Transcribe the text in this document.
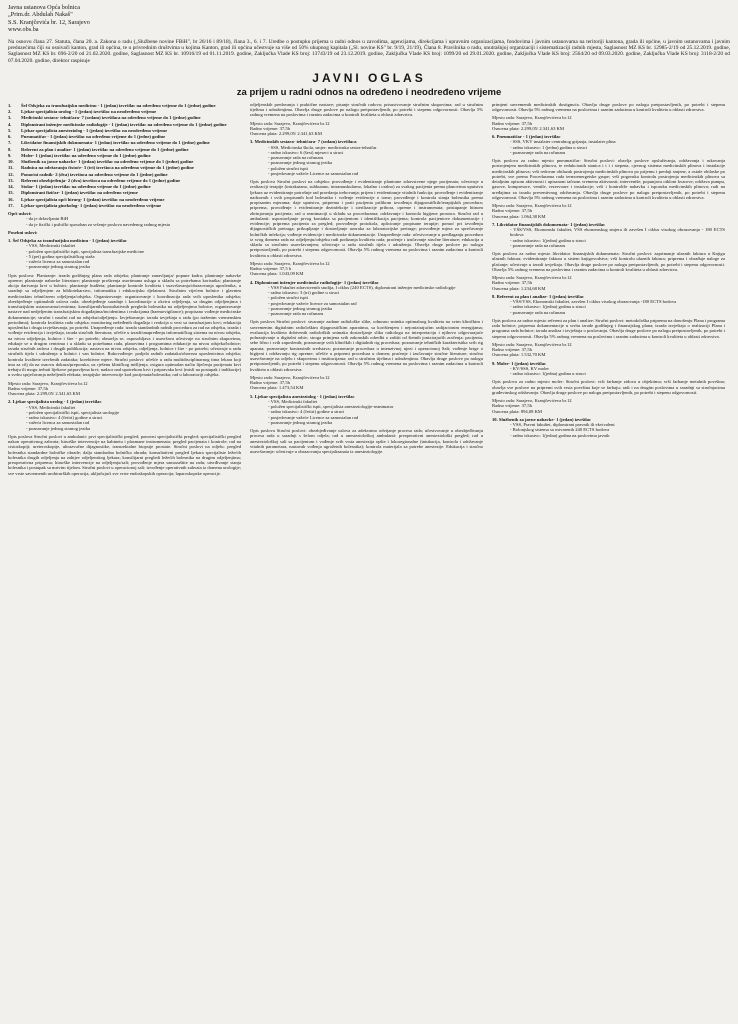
Javna ustanova Opća bolnica
„Prim.dr. Abdulah Nakaš"
S.S. Kranjčevića br. 12, Sarajevo
www.obs.ba
Na osnovu člana 27. Statuta, člana 20. a. Zakona o radu („Službene novine FBiH", br 26/16 i 89/18), člana 3., 6. i 7. Uredbe o postupku prijema u radni odnos u zavodima, agencijama, direkcijama i upravnim organizacijama, fondovima i javnim ustanovama na teritoriji kantona, grada ili općine, u javnim ustanovama i javnim preduzećima čiji su osnivači kanton, grad ili općina, te u privrednim društvima u kojima Kanton, grad ili općina učestvuje sa više od 50% ukupnog kapitala („Sl. novine KS" br. 9/19, 21/19), Člana 8. Pravilnika o radu, unutrašnjoj organizaciji i sistematizaciji radnih mjesta, Saglasnost MZ KS br. 12985-2/19 od 25.12.2019. godine, Saglasnost MZ KS br. 696-2/20 od 21.02.2020. godine, Saglasnost MZ KS br. 10916/19 od 01.11.2019. godine, Zaključka Vlade KS broj: 13743/19 od 23.12.2019. godine, Zaključka Vlade KS broj: 1099/20 od 29.01.2020. godine, Zaključka Vlade KS broj: 2564/20 od 09.03.2020. godine, Zaključka Vlade KS broj: 3118-2/20 od 07.04.2020. godine, direktor raspisuje
JAVNI OGLAS
za prijem u radni odnos na određeno i neodređeno vrijeme
1.	Šef Odsjeka za transfuzijsku medicinu - 1 (jedan) izvršilac na određeno vrijeme do 1 (jedne) godine
2.	Ljekar specijalista urolog - 1 (jedan) izvršilac na neodređeno vrijeme
3.	Medicinski sestara- tehničara- 7 (sedam) izvršilaca na određeno vrijeme do 1 (jedne) godine
4.	Diplomirani inženjer medicinske radiologije - 1 (jedan) izvršilac na određeno vrijeme do 1 (jedne) godine
5.	Ljekar specijalista anesteziolog - 1 (jedan) izvršilac na neodređeno vrijeme
6.	Pneumatičar - 1 (jedan) izvršilac na određeno vrijeme do 1 (jedne) godine
7.	Likvidator finansijskih dokumenata- 1 (jedan) izvršilac na određeno vrijeme do 1 (jedne) godine
8.	Referent za plan i analize- 1 (jedan) izvršilac na određeno vrijeme do 1 (jedne) godine
9.	Moler- 1 (jedan) izvršilac na određeno vrijeme do 1 (jedne) godine
10.	Službenik za javne nabavke- 1 (jedan) izvršilac na određeno vrijeme do 1 (jedne) godine
11.	Radnica na održavanju čistoće- 3 (tri) izvršioca na određeno vrijeme do 1 (jedne) godine
12.	Pomoćni radnik- 2 (dva) izvršioca na određeno vrijeme do 1 (jedne) godine
13.	Referent obezbjeđenja- 2 (dva) izvršioca na određeno vrijeme do 1 (jedne) godine
14.	Stolar- 1 (jedan) izvršilac na određeno vrijeme do 1 (jedne) godine
15.	Diplomirani fizičar- 1 (jedan) izvršilac na određeno vrijeme
16.	Ljekar specijalista opći hirurg- 1 (jedan) izvršilac na neodređeno vrijeme
17.	Ljekar specijalista ginekolog- 1 (jedan) izvršilac na neodređeno vrijeme
Opći uslovi:
- da je državljanin BiH
- da je fizički i psihički sposoban za vršenje poslova navedenog radnog mjesta
Posebni uslovi:
1. Šef Odsjeka za transfuzijsku medicinu - 1 (jedan) izvršilac
- VSS, Medicinski fakultet
- položen specijalistički ispit, specijalista transfuzijske medicine
- 5 (pet) godina specijalističkog staža
- važeća licenca za samostalan rad
- poznavanje jednog stranog jezika
Opis poslova: Planiranje: izrada godišnjeg plana rada odsjeka; planiranje zanavljanja/ popune kadra; planiranje nabavke opreme; planiranje nabavke literature; planiranje proširenja asortimana usluga u skladu sa potrebama korisnika; planiranje akcija darivanja krvi u bolnici; planiranje budžeta; planiranje kontrole kvaliteta i usavršavanja/obrazovanja uposlenika, u saradnji sa odjeljenjem za bibliotekarstvo, informatiku i edukacijsku djelatnost. Stručnim vijećem bolnice i glavnim medicinskim tehničarem odjeljenja/odsjeka. Organizovanje: organizovanje i koordinacija rada svih uposlenika odsjeka; obezbjeđenje optimalnih uslova rada; obezbjeđenje saradnje i koordinacije u okviru odjeljenja, sa drugim odjeljenjima i transfuzijskim ustanovama/centrima; konsilijarnih/konsultativnih pregleda bolesnika na odjeljenjima bolnice; organizovanje nastave nad nedjeljenim transfuzijskim događajima/incidentima i reakcijama (haemovigilance); propisano vođenje medicinske dokumentacije; stručni i naučni rad na odsjeku/odjeljenju. Izvještavanje: izrada izvještaja o radu (po traženim vremenskim periodima); kontrola kvaliteta rada odsjeka; monitoring nežeđenih događaja i reakcija u vezi sa transfuzijom krvi; edukacija uposlenika i druga izvještavanja, po potrebi. Unapređenje rada: izrada standardnih radnih procedura za rad na odsjeku, izrada i vođenje evidencija i izvještaja, izrada stručnih literatura; učešće u izradi/unapređenju informatičkog sistema na nivou odsjeka, na nivou odjeljenja, bolnice i šire - po potrebi; obnavlja se, osposobljava i usavršava učestvuje na stručnim skupovima, edukuje se u drugim centrima i u skladu sa potrebama rada, planovima i programima edukacije na nivou odsjeka/bolnice; izrada stručnih radova i drugih publikacija; nastava na nivou odsjeka, odjeljenja, bolnice i šire - po potrebi; učestvuje u radu stručnih tijela i udruženja u bolnici i van bolnice. Rukovođenje: podjela radnih zadataka/obaveza uposlenicima odsjeka; kontrola kvalitete izvršenih zadataka; korektivne mjere. Stručni poslovi: učešće u radu multidisciplinarnog tima lekara koji ima za cilj da na osnovu dokaza/preporuka, uz rješenu kliničkog mišljenja, osigura optimalan način liječenja pacijenata krvi trebaju ili mogu trebati lijekove pripravljena krvi; nadzor nad upotrebom krvi i pripravaka krvi (misli na postupak i indikacije) u svrhu sprječavanja neželjenih efekata; terapijske intervencije kod pacijenata/bolesnika; rad u laboratoriji odsjeka.
Mjesto rada: Sarajevo, Kranjčevićeva br.12
Radno vrijeme: 37,5h
Osnovna plata: 2.299,05/ 2.341,63 KM
2. Ljekar specijalista urolog - 1 (jedan) izvršilac
- VSS, Medicinski fakultet
- položen specijalistički ispit, specijalista urologije
- radno iskustvo: 4 (četiri) godine u struci
- važeća licenca za samostalan rad
- poznavanje jednog stranog jezika
Opis poslova Stručni poslovi u ambulanti: prvi specijalistički pregled; ponovni specijalistički pregled; specijalistički pregled nakon operativnog zahvata; hirurške intervencije na kabinetu i plasmane instrumenata; pregled pacijenata i kontrole; rad na cistoskopiji; ureteroskopije, ultrazvučne dijagnostike, transrektalne biopsije prostate. Stručni poslovi na odjelu: pregled bolesnika standardne bolničke obrade; dalja standardna bolnička obrada; konsultativni pregled ljekara specijaliste ležećih bolesnika drugih odjeljenja na zahtjev odjeljenskog ljekara; konsilijarni pregledi ležećih bolesnika na drugim odjeljenjima; preoperativna priprema; hirurške intervencije na odjeljenju/sali; provođenje mjera samozaštite na radu; utvrđivanje stanja bolesnika i postupak sa mrtvim tijelom. Stručni poslovi u operacionoj sali: izvođenje operativnih zahvata iz domena urologije; sve vrste savremenih urohirurških operacija, uključujući sve vrste endoskopskih operacija; laparoskopske operacije.
odjeljenskih predavanja i praktične nastave; pisanje stručnih radova; prisustvovanje stručnim skupovima; rad u stručnim tijelima i udruženjima. Obavlja druge poslove po nalogu pretpostavljenih, po potrebi i stepenu odgovornosti. Obavlja 5% radnog vremena na poslovima i raznim zadacima u kontroli kvaliteta u oblasti zdravstva.
Mjesto rada: Sarajevo, Kranjčevićeva br.12
Radno vrijeme: 37,5h
Osnovna plata: 2.299,05/ 2.341,63 KM
3. Medicinskih sestara- tehničara- 7 (sedam) izvršilaca
- SSS, Medicinska škola, smjer: medicinska sestra-tehničar
- radno iskustvo: 6 (šest) mjeseci u struci
- poznavanje rada na računaru
- poznavanje jednog stranog jezika
- položen stručni ispit
- posjedovanje važeće Licence za samostalan rad
Opis poslova Stručni poslovi na odsjeku: provođenje i evidentiranje planirane zdravstvene njege pacijenata; učestvuje u realizaciji terapije (intrakutano, subkutano, intramuskularno, lokalno i oralno) za svakog pacijenta prema planovima uputstvu ljekara uz evidentiranje potrošnje rad pravdanja trebovanja; prijem i evidentiranje vitalnih funkcija; provođenje i evidentiranje nadzornih i svih propisanih kod bolesnika i vođenje evidencije o tome; provođenje i kontrola stanja bolesnika prema propisanim mjerama; daje uputstva, priprema i prati pacijenta prilikom izvođenja dijagnostičkih/terapijskih procedura; priprema, provođenje i evidentiranje dezinfekcije i sterilizacije pribora, opreme i instrumenata; pristupanje hitnom zbrinjavanju pacijenta; rad u reanimaciji u skladu sa procedurama; održavanje i kontrola higijene prostora. Stručni rad u ambulanti: uspostavljanje prvog kontakta sa pacijentom i identifikacija pacijenta; kontrola pacijentove dokumentacije i evidencije; priprema pacijenta za pregled; provođenje protokola, apliciranje propisane terapije; pomoć pri izvođenju dijagnostičkih pretraga; prikupljanje i dostavljanje uzoraka za laboratorijske pretrage; provođenje mjera za sprečavanje bolničkih infekcija; vođenje evidencije i medicinske dokumentacije. Unapređenje rada: učestvovanje u predlaganju procedura iz svog domena rada na odjeljenju/odsjeku radi podizanja kvaliteta rada; praćenje i izučavanje stručne literature; edukacija u skladu sa stručnim usavršavanjem; učestvuje u radu stručnih tijela i udruženja. Obavlja druge poslove po nalogu pretpostavljenih, po potrebi i stepenu odgovornosti. Obavlja 5% radnog vremena na poslovima i raznim zadacima u kontroli kvaliteta u oblasti zdravstva.
Mjesto rada: Sarajevo, Kranjčevićeva br.12
Radno vrijeme: 37,5 h
Osnovna plata: 1.043,09 KM
4. Diplomirani inženjer medicinske radiologije- 1 (jedan) izvršilac
- VSS Fakultet zdravstvenih studija, I ciklus (240 ECTS), diplomirani inženjer medicinske radiologije
- radno iskustvo: 3 (tri) godine u struci
- položen stručni ispit
- posjedovanje važeće licence za samostalan rad
- poznavanje jednog stranog jezika
- poznavanje rada na računaru
Opis poslova Stručni poslovi: stvaranje zadane radiološke slike, odnosno snimka optimalnog kvaliteta na svim kliničkim i savremenim digitalnim radiološkim dijagnostičkim aparatima, sa korištenjem i nejonizirajućim radijacionim energijama; evaluacija kvaliteta dobivenih radioloških snimaka dostavljanje slika radiologu na interpretaciju i njihovo odgovarajuće pohranjivanje u digitalni arhiv; stroga primjena svih zakonskih odredbi o zaštiti od štetnih jonizirajućih zračenja; pacijenta, sebe lično i svih zaposlenih; poznavanje svih kliničkih i digitalnih rtg procedura; poznavanje tehničkih karakteristika svih rtg aparata; poznavanje kontrastnih sredstava; poznavanje procedura u intenzivnoj njezi i operacionoj Sali; vođenje brige o higijeni i održavanju rtg opreme; učešće u pripremi procedura u domen; praćenje i izučavanje stručne literature; stručno usavršavanje na odjelu i skupovima i institucijama; rad u stručnim tijelima i udruženjima. Obavlja druge poslove po nalogu pretpostavljenih, po potrebi i stepenu odgovornosti. Obavlja 5% radnog vremena na poslovima i raznim zadacima u kontroli kvaliteta u oblasti zdravstva.
Mjesto rada: Sarajevo, Kranjčevićeva br.12
Radno vrijeme: 37,5h
Osnovna plata: 1.473,54 KM
5. Ljekar specijalista anesteziolog - 1 (jedan) izvršilac
- VSS, Medicinski fakultet
- položen specijalistički ispit, specijalista anesteziologije-reanimator
- radno iskustvo: 4 (četiri) godine u struci
- posjedovanje važeće Licence za samostalan rad
- poznavanje jednog stranog jezika
Opis poslova Stručni poslovi: obezbjeđivanje uslova za adekvatno odvijanje procesa rada; učestvovanje u obezbjeđivanju procesa rada u saradnji s šefom odjela; rad u anesteziološkoj ambulanti: preoperativni anesteziološki pregled; rad u anesteziološkoj sali sa pacijentom i vođenje svih vrsta anestezija opšte i lokoregionalne (intubacija, kontrola i održavanje vitalnih parametara, nastavak vođenja ugroženih bolesnika); kontrola materijala za potrebe anestezije. Edukacija i stručno usavršavanje: učestvuje u obrazovanju specijalizanata iz anesteziologije.
primjeni savremenih medicinskih dostignuća. Obavlja druge poslove po nalogu pretpostavljenih, po potrebi i stepenu odgovornosti. Obavlja 5% radnog vremena na poslovima i raznim zadacima u kontroli kvaliteta u oblasti zdravstva.
Mjesto rada: Sarajevo, Kranjčevićeva br.12
Radno vrijeme: 37,5h
Osnovna plata: 2.299,05/ 2.341,63 KM
6. Pneumatičar - 1 (jedan) izvršilac
- SSS, VKV instalater centralnog grijanja, instalater plina
- radno iskustvo: 1 (jedna) godina u struci
- poznavanje rada na računaru
Opis poslova za radno mjesto pneumatičar: Stručni poslovi: obavlja poslove opsluživanja, održavanja i rukovanja postrojenjem medicinskih plinova, te redukcionih stanica i t i t stepena, cjevnog sistema medicinskih plinova i instalacije medicinskih plinova; vrši redovan obilazak postrojenja medicinskih plinova po prijemu i predaji smjene, a ostale obilaske po potrebi, sve prema Procedurama rada termoenergetske grupe; vrši pogonska kontrolu postrojenja medicinskih plinova sa detaljnim opisom aktivnosti i upisanom tačnom vremenu aktivnosti; interveniše; popunjava otkloni kvarove; održava pumpu, gasove, kompresore, ventile, rezervoare i instalacije; vrši i kontroliše nabavku i isporuku medicinskih plinova; radi na uređajima za izradu preventivnog održavanja. Obavlja druge poslove po nalogu pretpostavljenih, po potrebi i stepenu odgovornosti. Obavlja 5% radnog vremena na poslovima i raznim zadacima u kontroli kvaliteta u oblasti zdravstva.
Mjesto rada: Sarajevo, Kranjčevićeva br.12
Radno vrijeme: 37,5h
Osnovna plata: 1.064,38 KM
7. Likvidator finansijskih dokumenata- 1 (jedan) izvršilac
- VŠS/VSS, Ekonomski fakultet, VŠS ekonomskog smjera ili završen I ciklus visokog obrazovanja - 180 ECTS bodova
- radno iskustvo: 1(jedna) godina u struci
- poznavanje rada na računaru
Opis poslova za radno mjesto likvidator finansijskih dokumenata: Stručni poslovi: zaprimanje ulaznih faktura u Knjigu ulaznih faktura; evidentiranje faktura u sistem knjigovodstva; vrši kontrolu ulaznih faktura; priprema i obrađuje naloge za plaćanje; učestvuje u izradi izvještaja. Obavlja druge poslove po nalogu pretpostavljenih, po potrebi i stepenu odgovornosti. Obavlja 5% radnog vremena na poslovima i raznim zadacima u kontroli kvaliteta u oblasti zdravstva.
Mjesto rada: Sarajevo, Kranjčevićeva br.12
Radno vrijeme: 37,5h
Osnovna plata: 1.234,68 KM
8. Referent za plan i analize- 1 (jedan) izvršilac
- VŠS/VSS, Ekonomski fakultet, završen I ciklus visokog obrazovanja -180 ECTS bodova
- radno iskustvo: 1(jedna) godina u struci
- poznavanje rada na računaru
Opis poslova za radno mjesto referent za plan i analize: Stručni poslovi: metodološka priprema na donošenju Plana i programa rada bolnice; priprema dokumentacije u svrhu izrade godišnjeg i finansijskog plana; izrada izvještaja o realizaciji Plana i programa rada bolnice; izrada analiza i izvještaja o poslovanju. Obavlja druge poslove po nalogu pretpostavljenih, po potrebi i stepenu odgovornosti. Obavlja 5% radnog vremena na poslovima i raznim zadacima u kontroli kvaliteta u oblasti zdravstva.
Mjesto rada: Sarajevo, Kranjčevićeva br.12
Radno vrijeme: 37,5h
Osnovna plata: 1.532,70 KM
9. Moler- 1 (jedan) izvršilac
- KV/SSS, KV moler
- radno iskustvo: 1(jedna) godina u struci
Opis poslova za radno mjesto moler: Stručni poslovi: vrši farbanje zidova u objektima; vrši farbanje metalnih površina; obavlja sve poslove na pripremi svih vrsta površina koje se farbaju; radi i na drugim poslovima u saradnji sa stručnjacima građevinskog održavanja. Obavlja druge poslove po nalogu pretpostavljenih, po potrebi i stepenu odgovornosti.
Mjesto rada: Sarajevo, Kranjčevićeva br.12
Radno vrijeme: 37,5h
Osnovna plata: 894,08 KM
10. Službenik za javne nabavke- 1 (jedan) izvršilac
- VSS, Pravni fakultet, diplomirani pravnik ili ekvivalent
- Bolonjskog sistema sa ostvarenih 240 ECTS bodova
- radno iskustvo: 1(jedna) godina na poslovima javnih
